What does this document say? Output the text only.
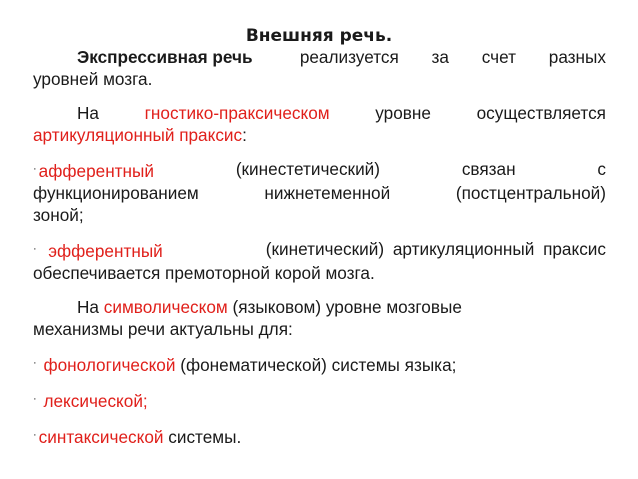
Внешняя речь.
Экспрессивная речь	реализуется за счет разных
уровней мозга.
На	гностико-праксическом	уровне	осуществляется
артикуляционный праксис:
· афферентный	(кинестетический)	связан	с
функционированием	нижнетеменной	(постцентральной)
зоной;
· эфферентный	(кинетический) артикуляционный праксис
обеспечивается премоторной корой мозга.
На символическом (языковом) уровне мозговые
механизмы речи актуальны для:
· фонологической (фонематической) системы языка;
· лексической;
· синтаксической системы.
